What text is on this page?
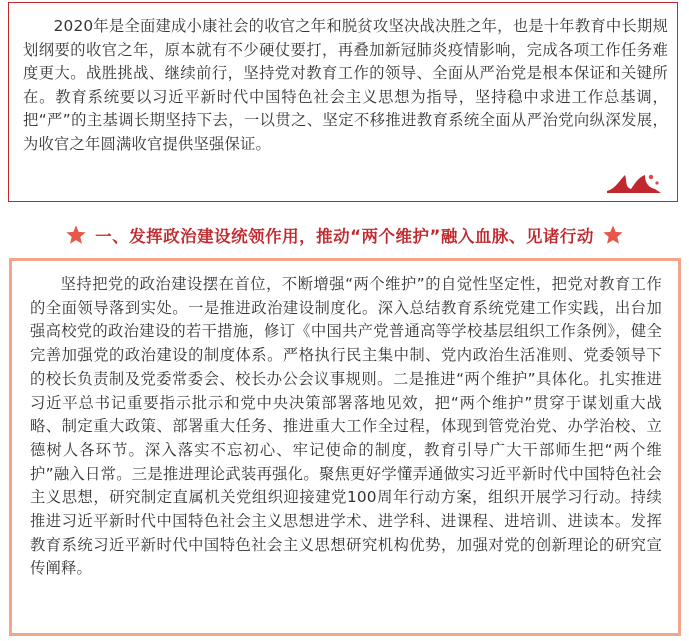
2020年是全面建成小康社会的收官之年和脱贫攻坚决战决胜之年，也是十年教育中长期规划纲要的收官之年，原本就有不少硬仗要打，再叠加新冠肺炎疫情影响，完成各项工作任务难度更大。战胜挑战、继续前行，坚持党对教育工作的领导、全面从严治党是根本保证和关键所在。教育系统要以习近平新时代中国特色社会主义思想为指导，坚持稳中求进工作总基调，把“严”的主基调长期坚持下去，一以贯之、坚定不移推进教育系统全面从严治党向纵深发展，为收官之年圆满收官提供坚强保证。

一、发挥政治建设统领作用，推动“两个维护”融入血脉、见诸行动

坚持把党的政治建设摆在首位，不断增强“两个维护”的自觉性坚定性，把党对教育工作的全面领导落到实处。一是推进政治建设制度化。深入总结教育系统党建工作实践，出台加强高校党的政治建设的若干措施，修订《中国共产党普通高等学校基层组织工作条例》，健全完善加强党的政治建设的制度体系。严格执行民主集中制、党内政治生活准则、党委领导下的校长负责制及党委常委会、校长办公会议事规则。二是推进“两个维护”具体化。扎实推进习近平总书记重要指示批示和党中央决策部署落地见效，把“两个维护”贯穿于谋划重大战略、制定重大政策、部署重大任务、推进重大工作全过程，体现到管党治党、办学治校、立德树人各环节。深入落实不忘初心、牢记使命的制度，教育引导广大干部师生把“两个维护”融入日常。三是推进理论武装再强化。聚焦更好学懂弄通做实习近平新时代中国特色社会主义思想，研究制定直属机关党组织迎接建党100周年行动方案，组织开展学习行动。持续推进习近平新时代中国特色社会主义思想进学术、进学科、进课程、进培训、进读本。发挥教育系统习近平新时代中国特色社会主义思想研究机构优势，加强对党的创新理论的研究宣传阐释。
